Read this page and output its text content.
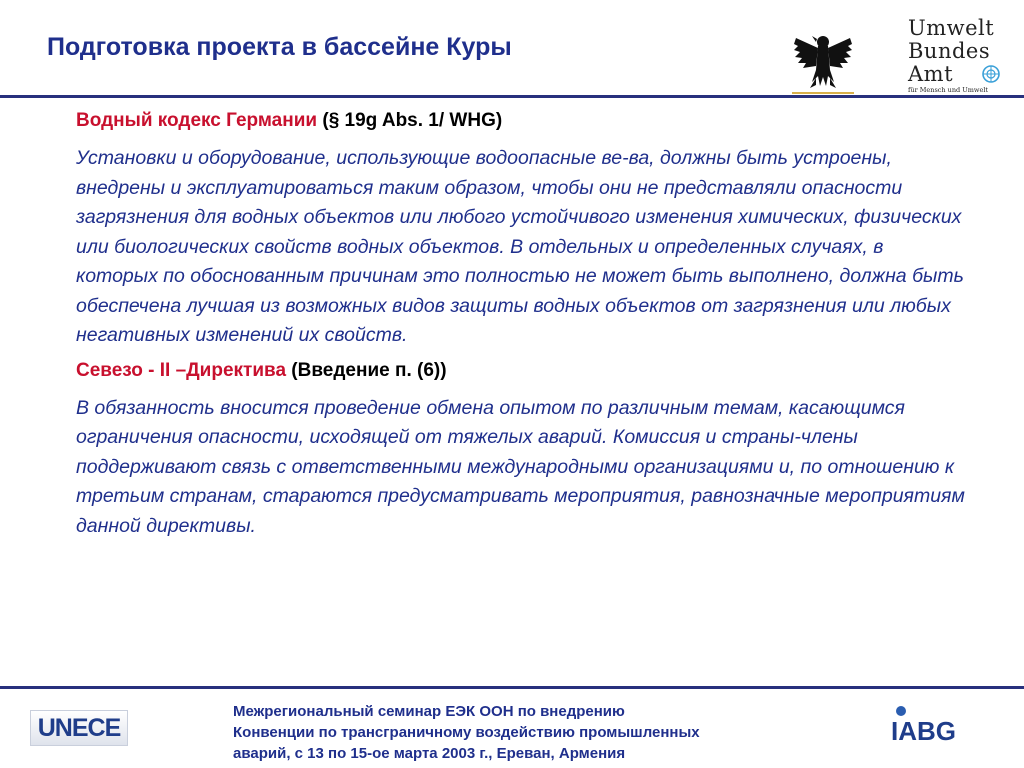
Подготовка проекта в бассейне Куры
Umwelt
Bundes
Amt
für Mensch und Umwelt
Водный кодекс Германии (§ 19g Abs. 1/ WHG)
Установки и оборудование, использующие водоопасные ве-ва, должны быть устроены, внедрены и эксплуатироваться таким образом, чтобы они не представляли опасности загрязнения для водных объектов или любого устойчивого изменения химических, физических или биологических свойств водных объектов. В отдельных и определенных случаях, в которых по обоснованным причинам это полностью не может быть выполнено, должна быть обеспечена лучшая из возможных видов защиты водных объектов от загрязнения или любых негативных изменений их свойств.
Севезо - II –Директива (Введение п. (6))
В обязанность вносится проведение обмена опытом по различным темам, касающимся ограничения опасности, исходящей от тяжелых аварий. Комиссия и страны-члены поддерживают связь с ответственными международными организациями и, по отношению к третьим странам, стараются предусматривать мероприятия, равнозначные мероприятиям данной директивы.
UNECE
Межрегиональный семинар ЕЭК ООН по внедрению
Конвенции по трансграничному воздействию промышленных
аварий, с 13 по 15-ое марта 2003 г., Ереван, Армения
IABG
